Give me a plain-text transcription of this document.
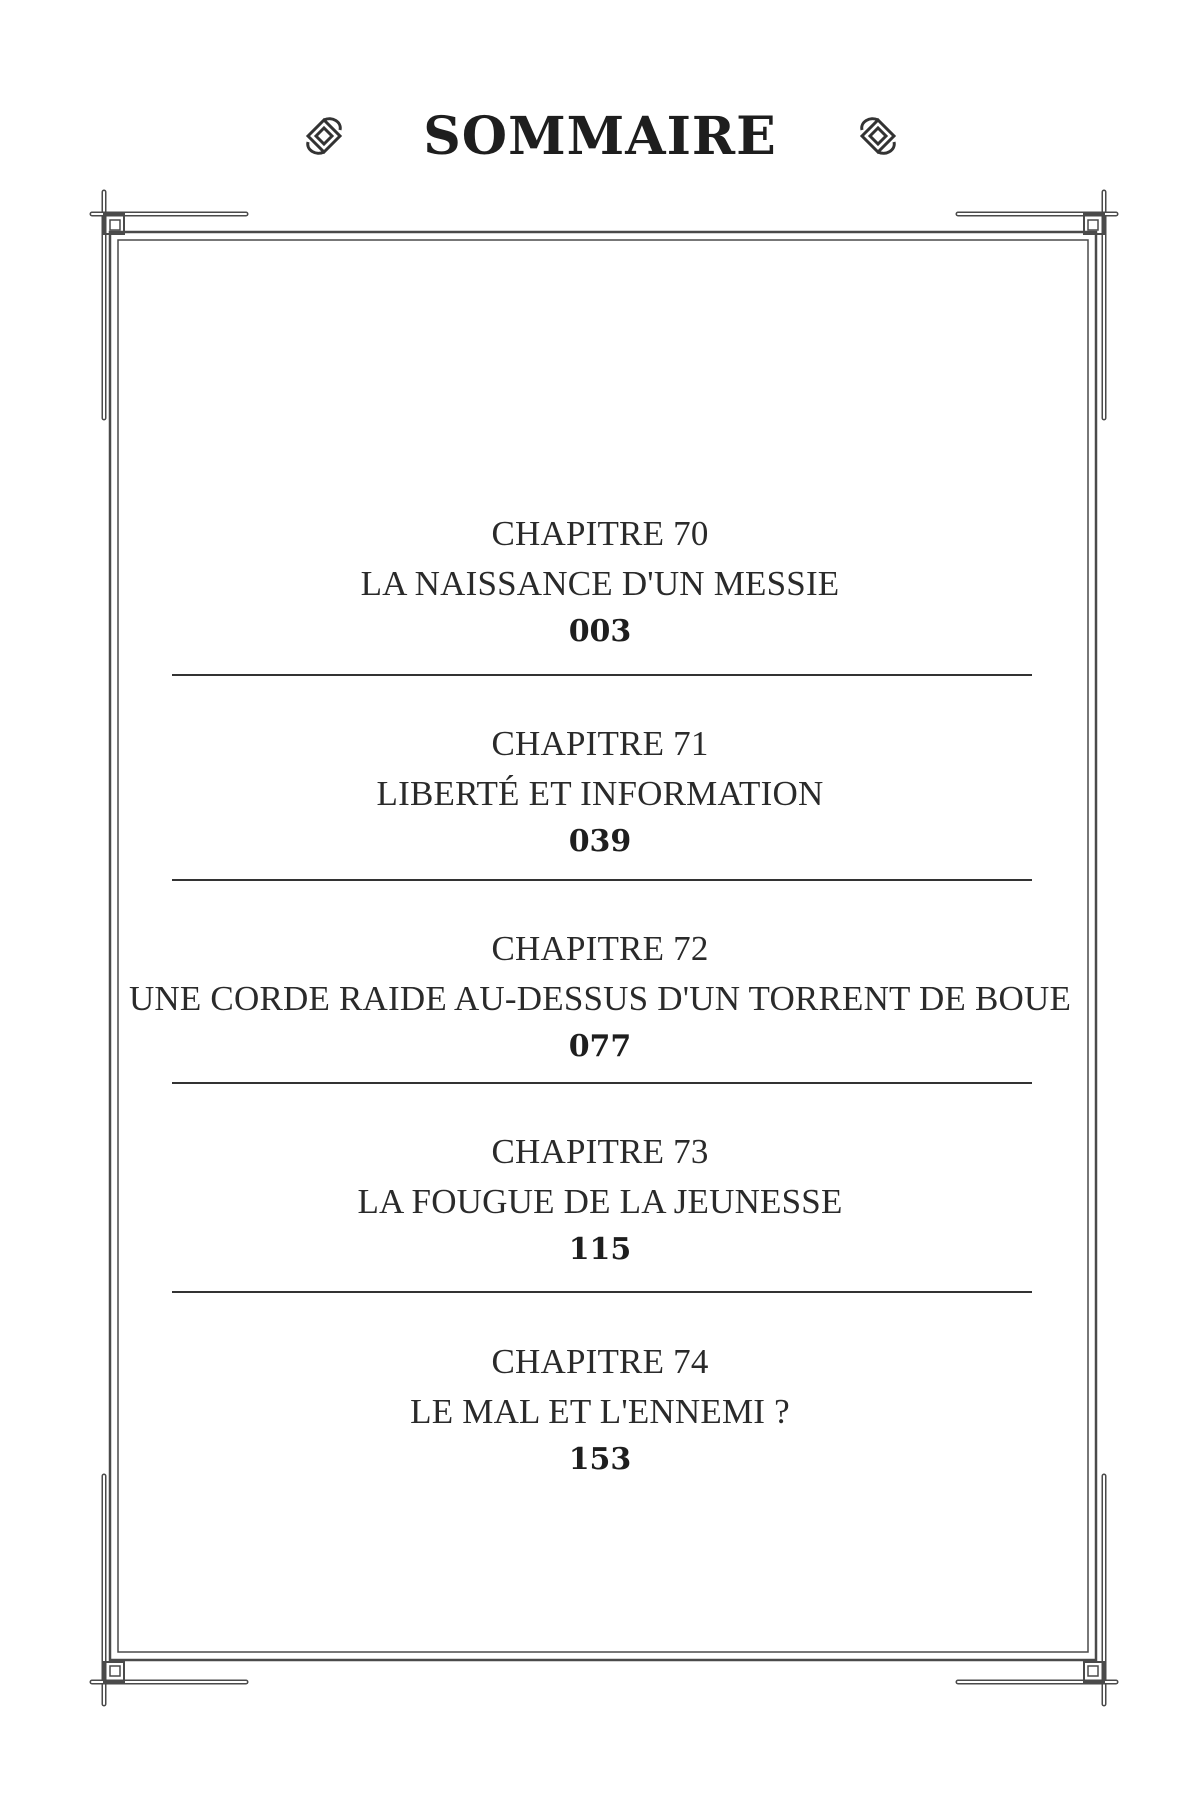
SOMMAIRE
CHAPITRE 70
LA NAISSANCE D'UN MESSIE
003
CHAPITRE 71
LIBERTÉ ET INFORMATION
039
CHAPITRE 72
UNE CORDE RAIDE AU-DESSUS D'UN TORRENT DE BOUE
077
CHAPITRE 73
LA FOUGUE DE LA JEUNESSE
115
CHAPITRE 74
LE MAL ET L'ENNEMI ?
153
